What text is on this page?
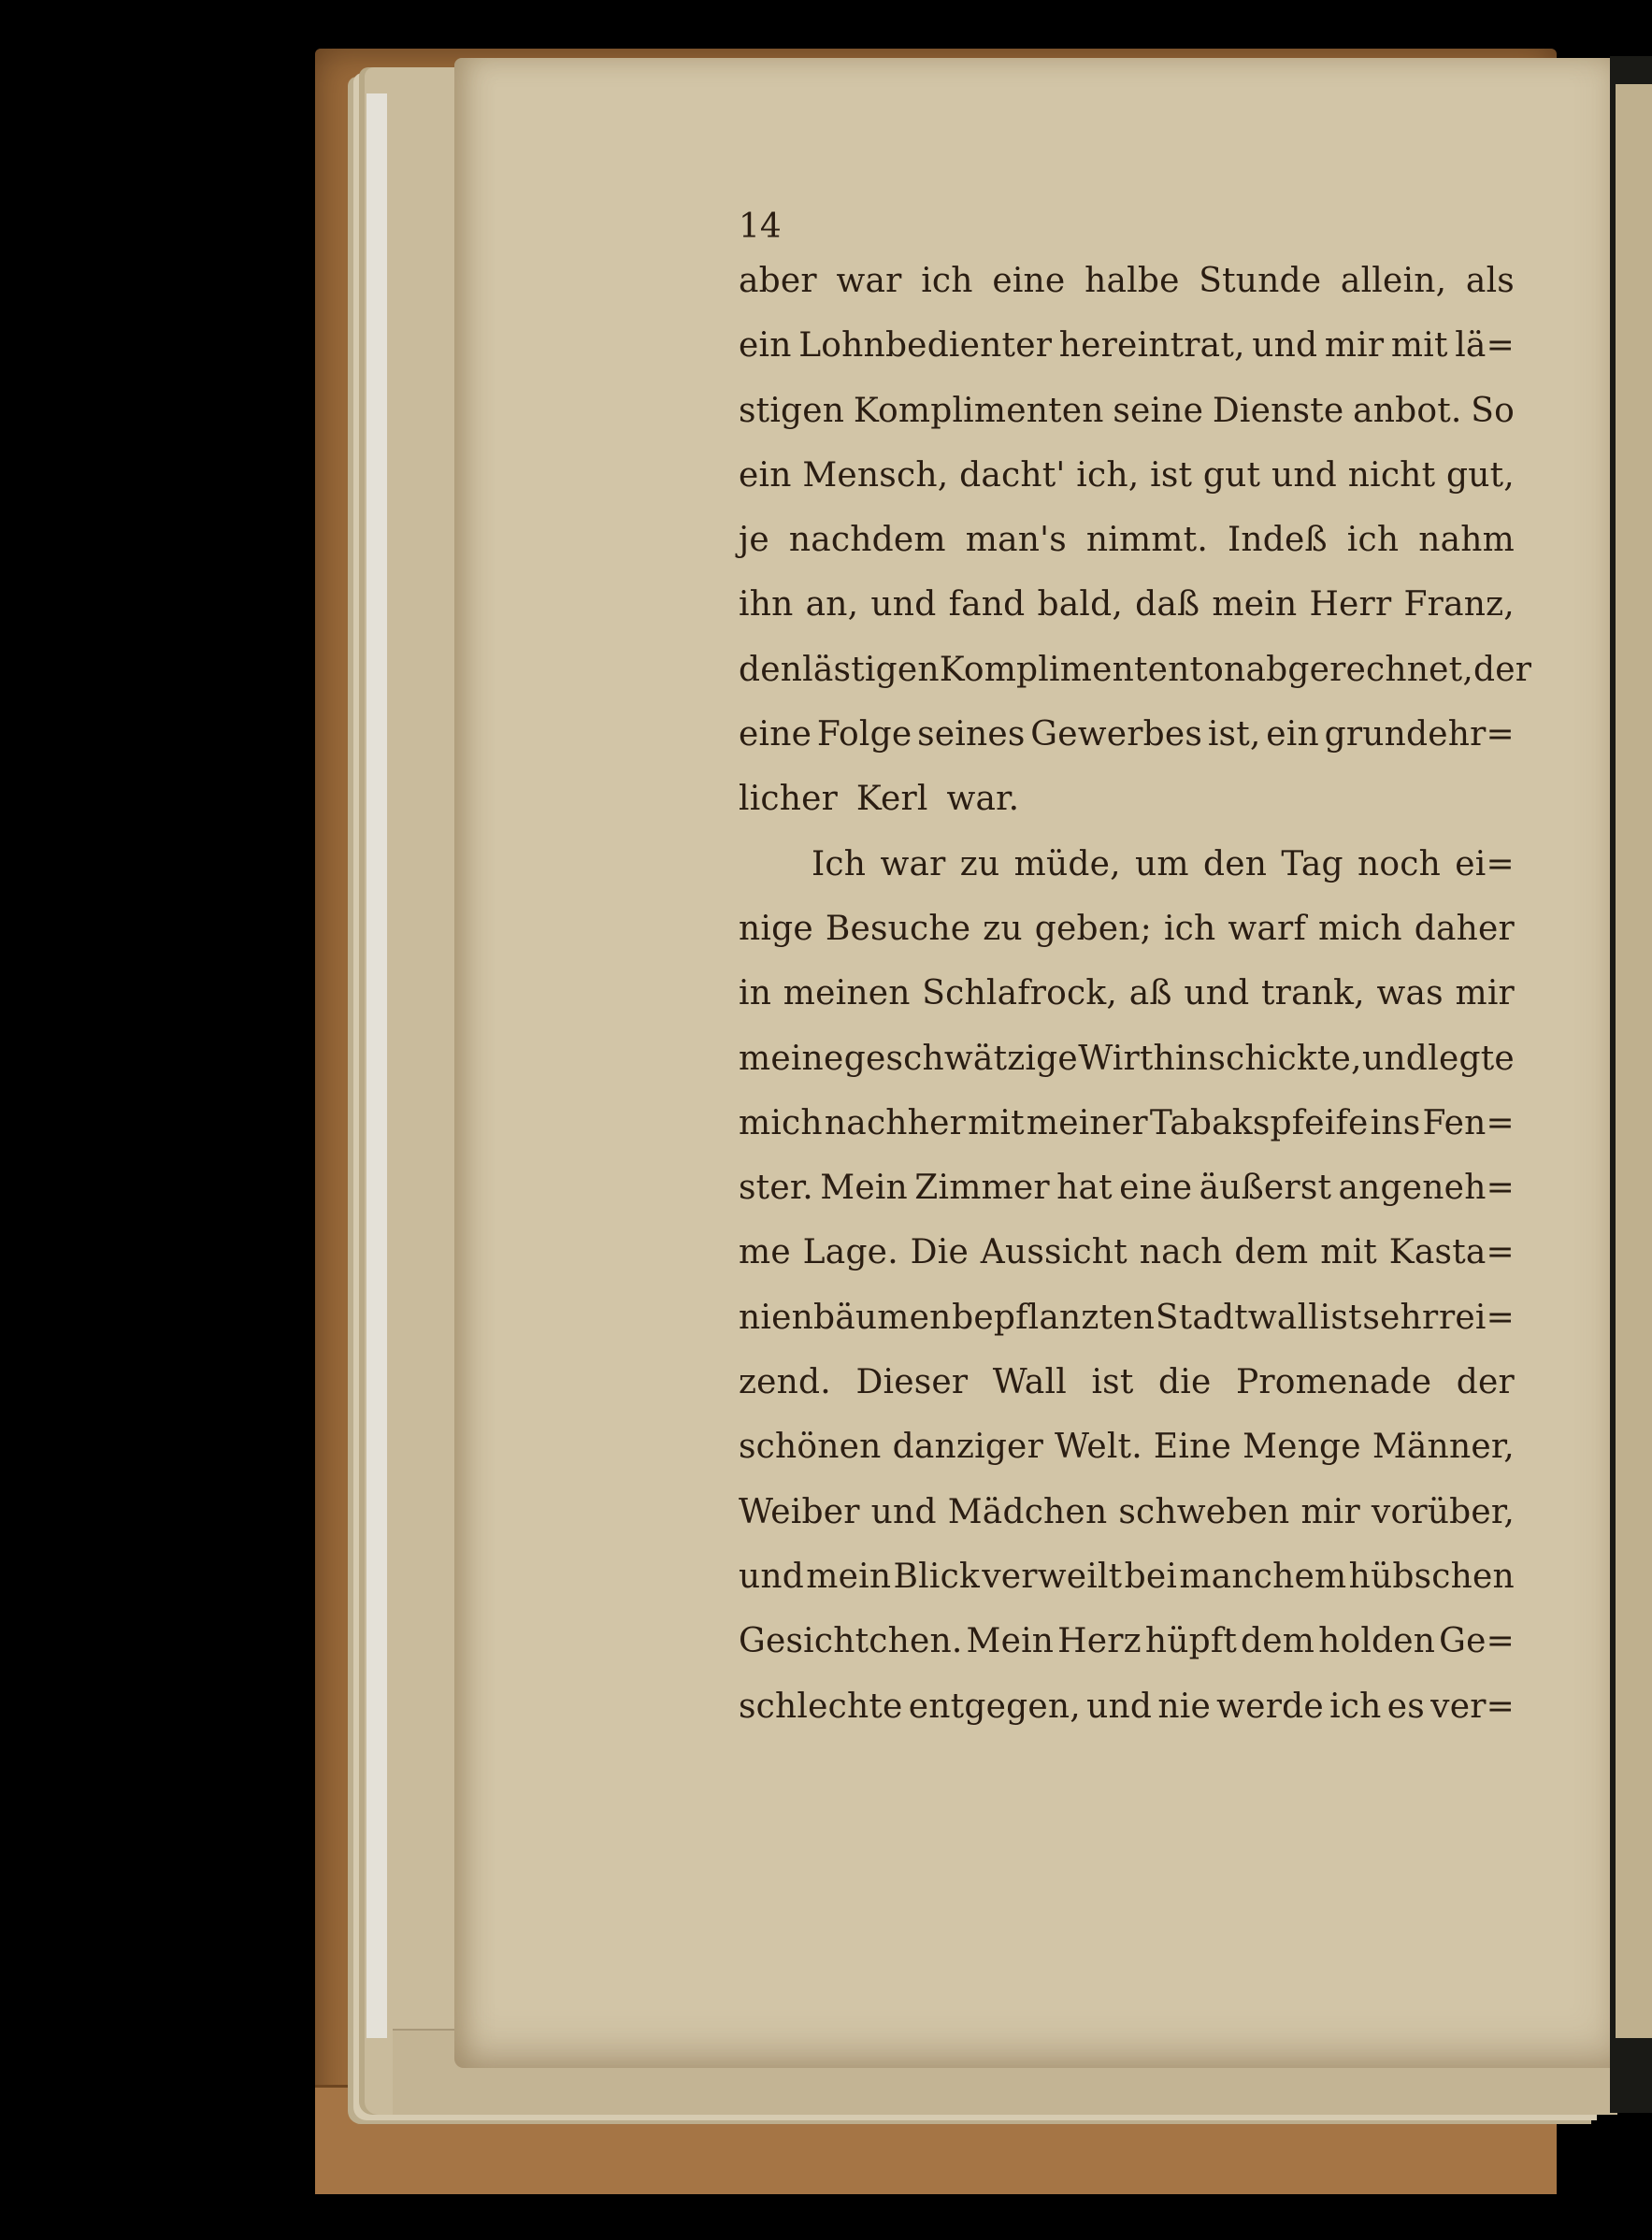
14
aber war ich eine halbe Stunde allein, als
ein Lohnbedienter hereintrat, und mir mit lä=
stigen Komplimenten seine Dienste anbot. So
ein Mensch, dacht' ich, ist gut und nicht gut,
je nachdem man's nimmt. Indeß ich nahm
ihn an, und fand bald, daß mein Herr Franz,
den lästigen Komplimententon abgerechnet, der
eine Folge seines Gewerbes ist, ein grundehr=
licher Kerl war.
Ich war zu müde, um den Tag noch ei=
nige Besuche zu geben; ich warf mich daher
in meinen Schlafrock, aß und trank, was mir
meine geschwätzige Wirthin schickte, und legte
mich nachher mit meiner Tabakspfeife ins Fen=
ster. Mein Zimmer hat eine äußerst angeneh=
me Lage. Die Aussicht nach dem mit Kasta=
nienbäumen bepflanzten Stadtwall ist sehr rei=
zend. Dieser Wall ist die Promenade der
schönen danziger Welt. Eine Menge Männer,
Weiber und Mädchen schweben mir vorüber,
und mein Blick verweilt bei manchem hübschen
Gesichtchen. Mein Herz hüpft dem holden Ge=
schlechte entgegen, und nie werde ich es ver=
